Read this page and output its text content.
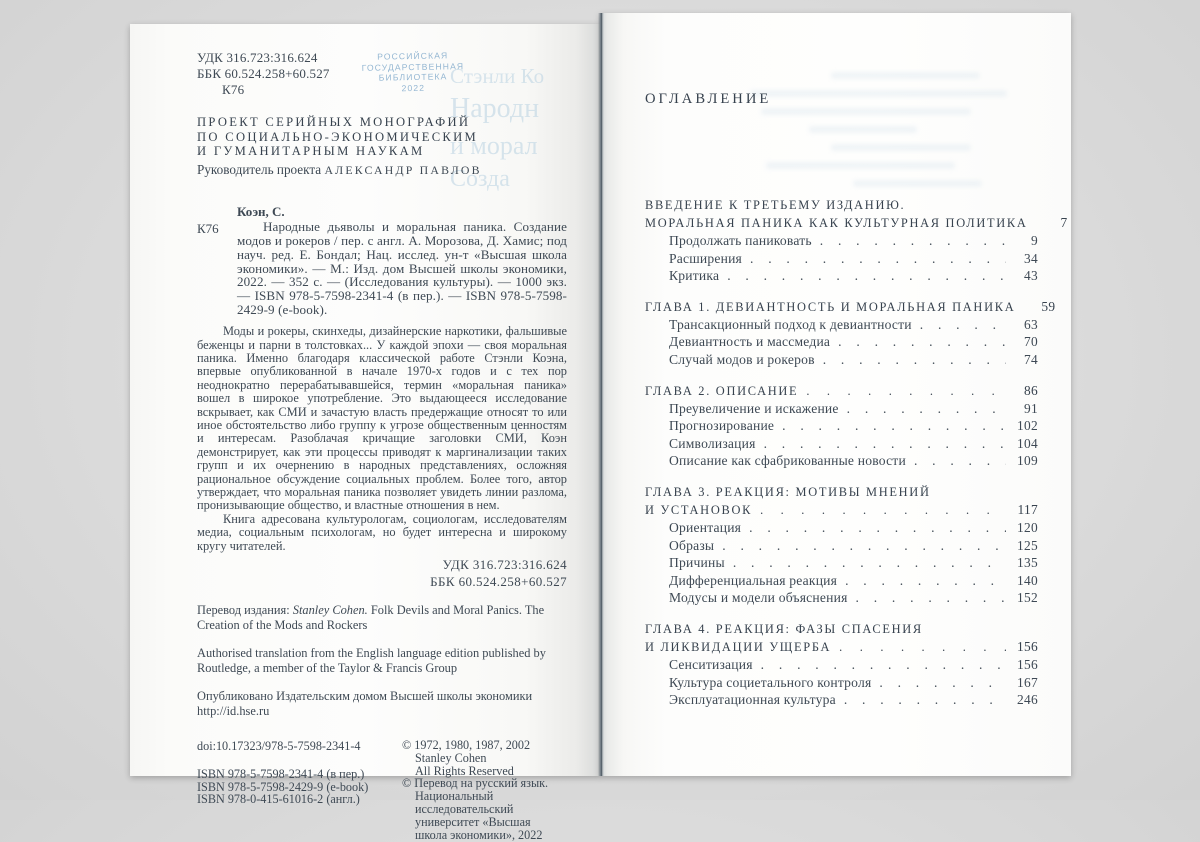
РОССИЙСКАЯ
ГОСУДАРСТВЕННАЯ
БИБЛИОТЕКА
2022	Стэнли Ко
Народн
и морал
Созда
УДК 316.723:316.624
ББК 60.524.258+60.527
К76
ПРОЕКТ СЕРИЙНЫХ МОНОГРАФИЙ
ПО СОЦИАЛЬНО-ЭКОНОМИЧЕСКИМ
И ГУМАНИТАРНЫМ НАУКАМ
Руководитель проекта АЛЕКСАНДР ПАВЛОВ
Коэн, С.
К76	Народные дьяволы и моральная паника. Создание модов и рокеров / пер. с англ. А. Морозова, Д. Хамис; под науч. ред. Е. Бондал; Нац. исслед. ун-т «Высшая школа экономики». — М.: Изд. дом Высшей школы экономики, 2022. — 352 с. — (Исследования культуры). — 1000 экз. — ISBN 978-5-7598-2341-4 (в пер.). — ISBN 978-5-7598-2429-9 (e-book).

Моды и рокеры, скинхеды, дизайнерские наркотики, фальшивые беженцы и парни в толстовках... У каждой эпохи — своя моральная паника. Именно благодаря классической работе Стэнли Коэна, впервые опубликованной в начале 1970-х годов и с тех пор неоднократно перерабатывавшейся, термин «моральная паника» вошел в широкое употребление. Это выдающееся исследование вскрывает, как СМИ и зачастую власть предержащие относят то или иное обстоятельство либо группу к угрозе общественным ценностям и интересам. Разоблачая кричащие заголовки СМИ, Коэн демонстрирует, как эти процессы приводят к маргинализации таких групп и их очернению в народных представлениях, осложняя рациональное обсуждение социальных проблем. Более того, автор утверждает, что моральная паника позволяет увидеть линии разлома, пронизывающие общество, и властные отношения в нем.

Книга адресована культурологам, социологам, исследователям медиа, социальным психологам, но будет интересна и широкому кругу читателей.

УДК 316.723:316.624
ББК 60.524.258+60.527
Перевод издания: Stanley Cohen. Folk Devils and Moral Panics. The Creation of the Mods and Rockers
Authorised translation from the English language edition published by Routledge, a member of the Taylor & Francis Group
Опубликовано Издательским домом Высшей школы экономики
http://id.hse.ru
doi:10.17323/978-5-7598-2341-4
ISBN 978-5-7598-2341-4 (в пер.)
ISBN 978-5-7598-2429-9 (e-book)
ISBN 978-0-415-61016-2 (англ.)
© 1972, 1980, 1987, 2002
Stanley Cohen
All Rights Reserved
© Перевод на русский язык.
Национальный
исследовательский
университет «Высшая
школа экономики», 2022
ОГЛАВЛЕНИЕ
ВВЕДЕНИЕ К ТРЕТЬЕМУ ИЗДАНИЮ.
МОРАЛЬНАЯ ПАНИКА КАК КУЛЬТУРНАЯ ПОЛИТИКА	7
Продолжать паниковать . . .	9
Расширения . . .	34
Критика . . .	43
ГЛАВА 1. ДЕВИАНТНОСТЬ И МОРАЛЬНАЯ ПАНИКА	59
Трансакционный подход к девиантности . . .	63
Девиантность и массмедиа . . .	70
Случай модов и рокеров . . .	74
ГЛАВА 2. ОПИСАНИЕ . . .	86
Преувеличение и искажение . . .	91
Прогнозирование . . .	102
Символизация . . .	104
Описание как сфабрикованные новости . . .	109
ГЛАВА 3. РЕАКЦИЯ: МОТИВЫ МНЕНИЙ
И УСТАНОВОК . . .	117
Ориентация . . .	120
Образы . . .	125
Причины . . .	135
Дифференциальная реакция . . .	140
Модусы и модели объяснения . . .	152
ГЛАВА 4. РЕАКЦИЯ: ФАЗЫ СПАСЕНИЯ
И ЛИКВИДАЦИИ УЩЕРБА . . .	156
Сенситизация . . .	156
Культура социетального контроля . . .	167
Эксплуатационная культура . . .	246
